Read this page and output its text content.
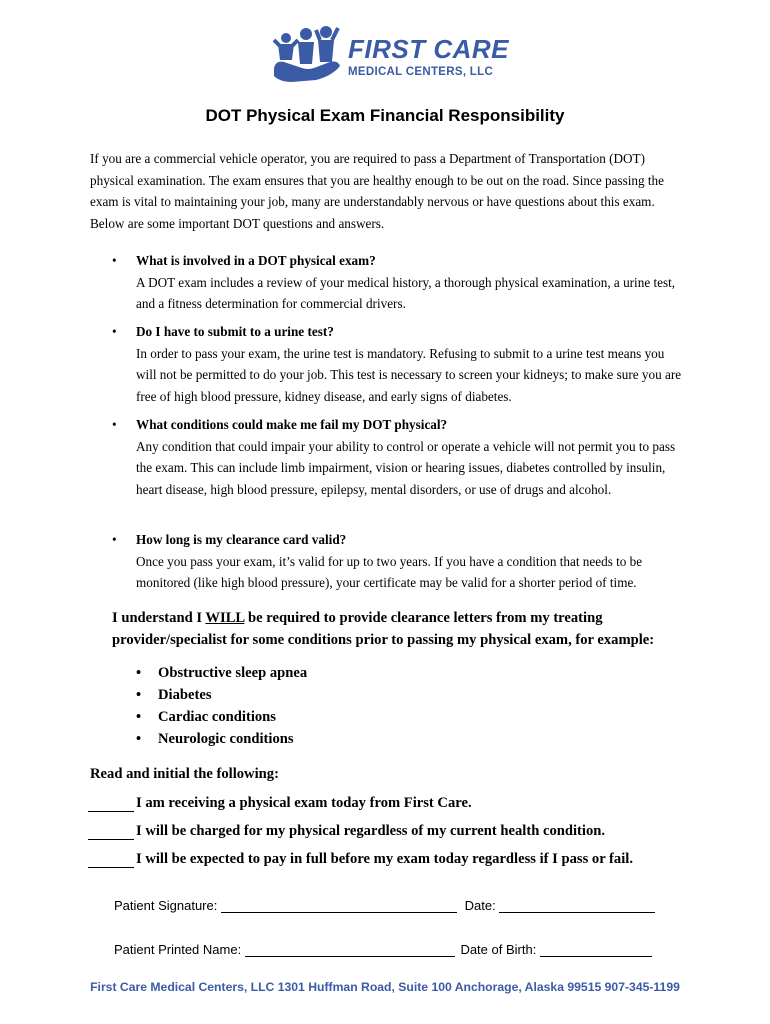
FIRST CARE
MEDICAL CENTERS, LLC
DOT Physical Exam Financial Responsibility
If you are a commercial vehicle operator, you are required to pass a Department of Transportation (DOT) physical examination. The exam ensures that you are healthy enough to be out on the road. Since passing the exam is vital to maintaining your job, many are understandably nervous or have questions about this exam. Below are some important DOT questions and answers.
• What is involved in a DOT physical exam?
A DOT exam includes a review of your medical history, a thorough physical examination, a urine test, and a fitness determination for commercial drivers.
• Do I have to submit to a urine test?
In order to pass your exam, the urine test is mandatory. Refusing to submit to a urine test means you will not be permitted to do your job. This test is necessary to screen your kidneys; to make sure you are free of high blood pressure, kidney disease, and early signs of diabetes.
• What conditions could make me fail my DOT physical?
Any condition that could impair your ability to control or operate a vehicle will not permit you to pass the exam. This can include limb impairment, vision or hearing issues, diabetes controlled by insulin, heart disease, high blood pressure, epilepsy, mental disorders, or use of drugs and alcohol.
• How long is my clearance card valid?
Once you pass your exam, it’s valid for up to two years. If you have a condition that needs to be monitored (like high blood pressure), your certificate may be valid for a shorter period of time.
I understand I WILL be required to provide clearance letters from my treating provider/specialist for some conditions prior to passing my physical exam, for example:
• Obstructive sleep apnea
• Diabetes
• Cardiac conditions
• Neurologic conditions
Read and initial the following:
I am receiving a physical exam today from First Care.
I will be charged for my physical regardless of my current health condition.
I will be expected to pay in full before my exam today regardless if I pass or fail.
Patient Signature:	Date:
Patient Printed Name:	Date of Birth:
First Care Medical Centers, LLC 1301 Huffman Road, Suite 100 Anchorage, Alaska 99515 907-345-1199
